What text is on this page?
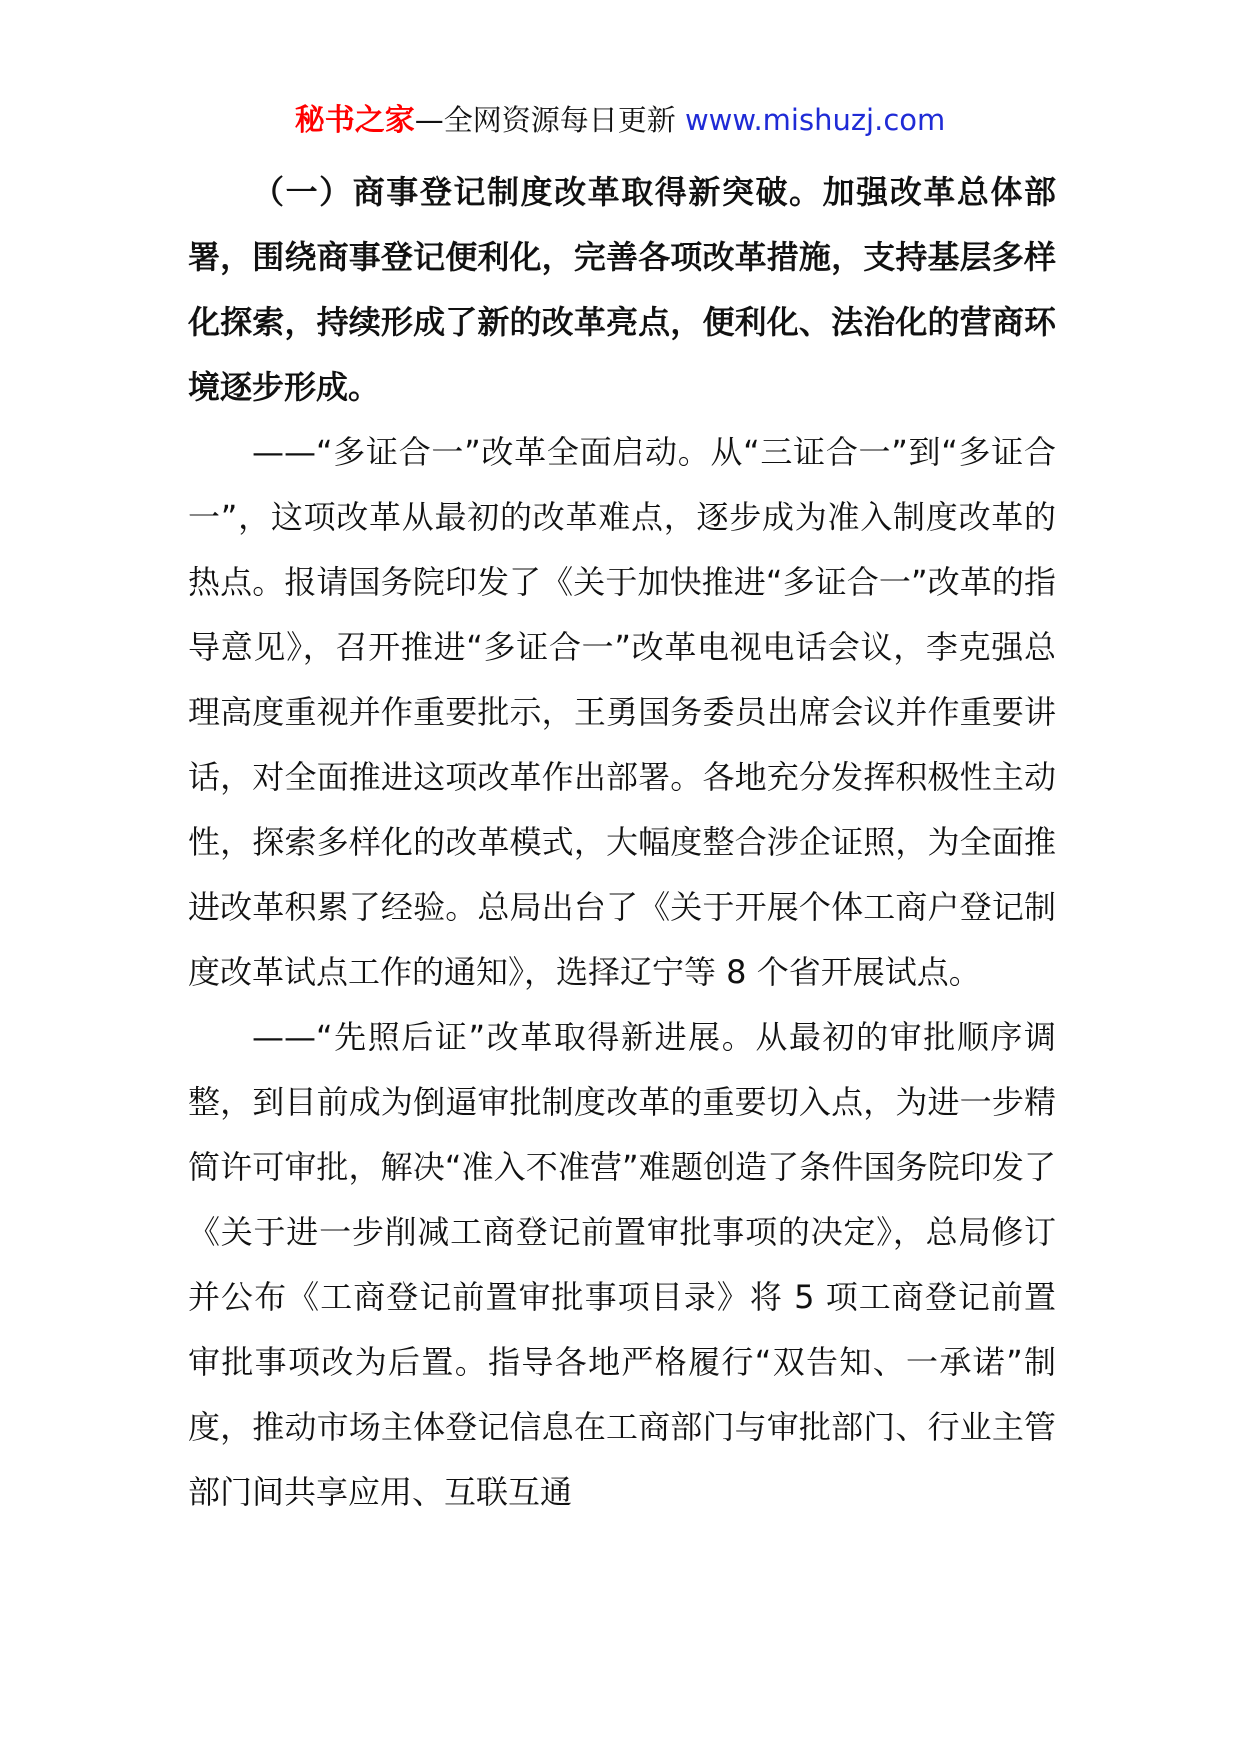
秘书之家—全网资源每日更新 www.mishuzj.com

（一）商事登记制度改革取得新突破。加强改革总体部署，围绕商事登记便利化，完善各项改革措施，支持基层多样化探索，持续形成了新的改革亮点，便利化、法治化的营商环境逐步形成。

——“多证合一”改革全面启动。从“三证合一”到“多证合一”，这项改革从最初的改革难点，逐步成为准入制度改革的热点。报请国务院印发了《关于加快推进“多证合一”改革的指导意见》，召开推进“多证合一”改革电视电话会议，李克强总理高度重视并作重要批示，王勇国务委员出席会议并作重要讲话，对全面推进这项改革作出部署。各地充分发挥积极性主动性，探索多样化的改革模式，大幅度整合涉企证照，为全面推进改革积累了经验。总局出台了《关于开展个体工商户登记制度改革试点工作的通知》，选择辽宁等 8 个省开展试点。

——“先照后证”改革取得新进展。从最初的审批顺序调整，到目前成为倒逼审批制度改革的重要切入点，为进一步精简许可审批，解决“准入不准营”难题创造了条件国务院印发了《关于进一步削减工商登记前置审批事项的决定》，总局修订并公布《工商登记前置审批事项目录》将 5 项工商登记前置审批事项改为后置。指导各地严格履行“双告知、一承诺”制度，推动市场主体登记信息在工商部门与审批部门、行业主管部门间共享应用、互联互通
